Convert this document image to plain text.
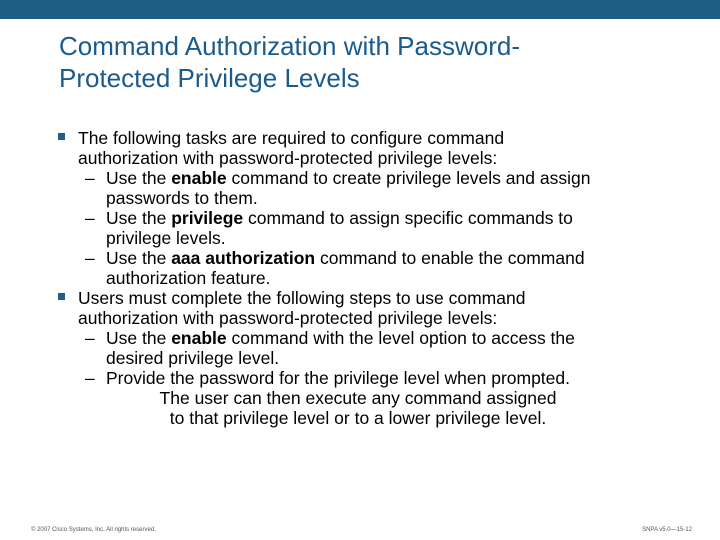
Command Authorization with Password-
Protected Privilege Levels
The following tasks are required to configure command
authorization with password-protected privilege levels:
– Use the enable command to create privilege levels and assign
passwords to them.
– Use the privilege command to assign specific commands to
privilege levels.
– Use the aaa authorization command to enable the command
authorization feature.
Users must complete the following steps to use command
authorization with password-protected privilege levels:
– Use the enable command with the level option to access the
desired privilege level.
– Provide the password for the privilege level when prompted.
The user can then execute any command assigned
to that privilege level or to a lower privilege level.
© 2007 Cisco Systems, Inc. All rights reserved.	SNPA v5.0—15-12
